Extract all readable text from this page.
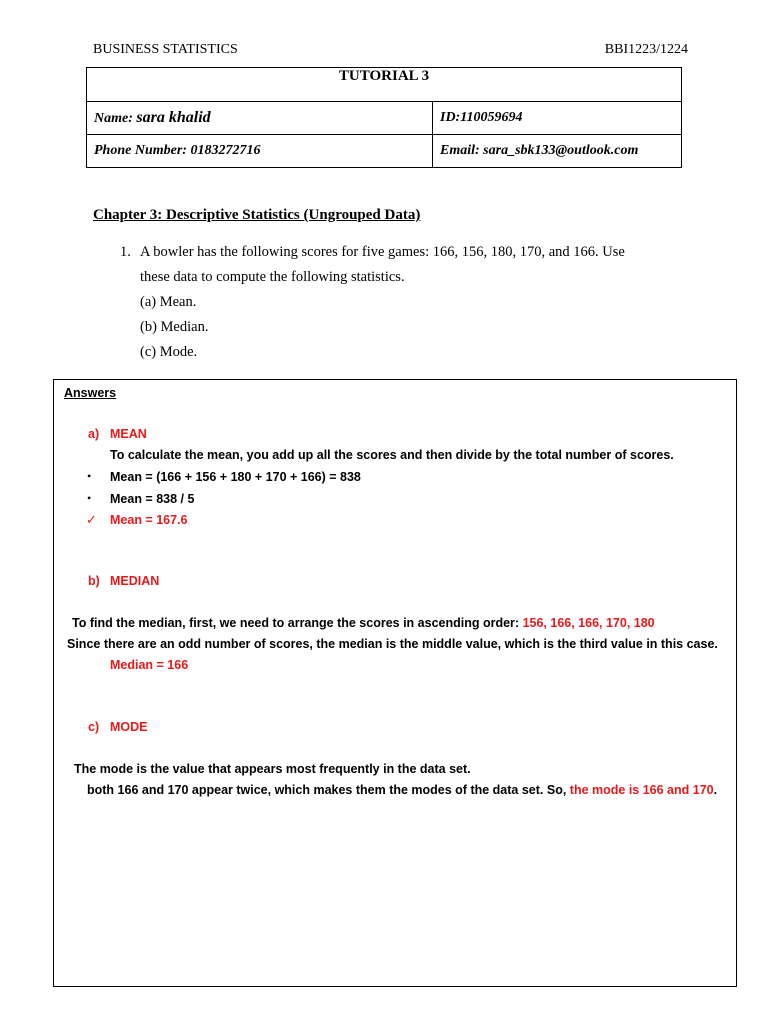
BUSINESS STATISTICS	BBI1223/1224
TUTORIAL 3	
Name: sara khalid	ID:110059694
Phone Number: 0183272716	Email: sara_sbk133@outlook.com
Chapter 3: Descriptive Statistics (Ungrouped Data)
1. A bowler has the following scores for five games: 166, 156, 180, 170, and 166. Use
these data to compute the following statistics.
(a) Mean.
(b) Median.
(c) Mode.
Answers
a) MEAN
To calculate the mean, you add up all the scores and then divide by the total number of scores.
• Mean = (166 + 156 + 180 + 170 + 166) = 838
• Mean = 838 / 5
✓ Mean = 167.6
b) MEDIAN
To find the median, first, we need to arrange the scores in ascending order: 156, 166, 166, 170, 180
Since there are an odd number of scores, the median is the middle value, which is the third value in this case.
Median = 166
c) MODE
The mode is the value that appears most frequently in the data set.
both 166 and 170 appear twice, which makes them the modes of the data set. So, the mode is 166 and 170.
